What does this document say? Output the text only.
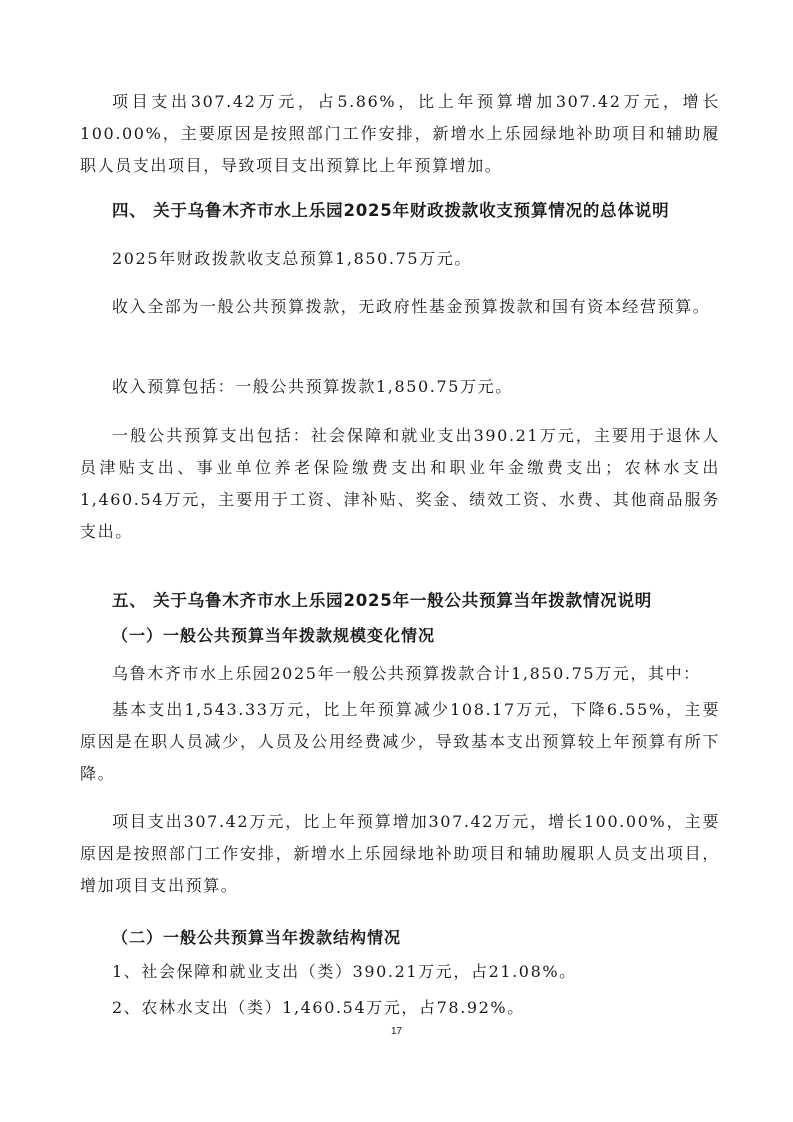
项目支出307.42万元，占5.86%，比上年预算增加307.42万元，增长100.00%，主要原因是按照部门工作安排，新增水上乐园绿地补助项目和辅助履职人员支出项目，导致项目支出预算比上年预算增加。

四、 关于乌鲁木齐市水上乐园2025年财政拨款收支预算情况的总体说明

2025年财政拨款收支总预算1,850.75万元。

收入全部为一般公共预算拨款，无政府性基金预算拨款和国有资本经营预算。

收入预算包括：一般公共预算拨款1,850.75万元。

一般公共预算支出包括：社会保障和就业支出390.21万元，主要用于退休人员津贴支出、事业单位养老保险缴费支出和职业年金缴费支出；农林水支出1,460.54万元，主要用于工资、津补贴、奖金、绩效工资、水费、其他商品服务支出。

五、 关于乌鲁木齐市水上乐园2025年一般公共预算当年拨款情况说明

（一）一般公共预算当年拨款规模变化情况

乌鲁木齐市水上乐园2025年一般公共预算拨款合计1,850.75万元，其中：

基本支出1,543.33万元，比上年预算减少108.17万元，下降6.55%，主要原因是在职人员减少，人员及公用经费减少，导致基本支出预算较上年预算有所下降。

项目支出307.42万元，比上年预算增加307.42万元，增长100.00%，主要原因是按照部门工作安排，新增水上乐园绿地补助项目和辅助履职人员支出项目，增加项目支出预算。

（二）一般公共预算当年拨款结构情况

1、社会保障和就业支出（类）390.21万元，占21.08%。

2、农林水支出（类）1,460.54万元，占78.92%。

17
